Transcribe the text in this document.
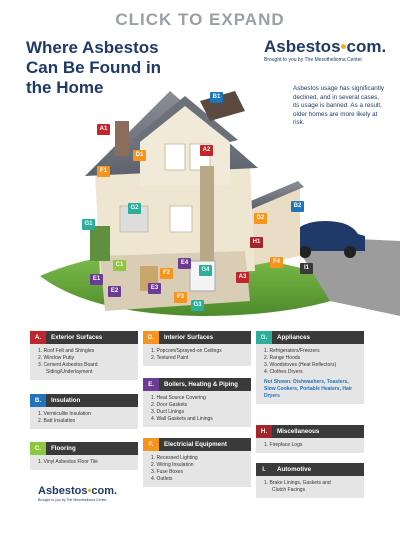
CLICK TO EXPAND
Where Asbestos Can Be Found in the Home
Asbestos•com.
Brought to you by The Mesothelioma Center
Asbestos usage has significantly declined, and in several cases, its usage is banned. As a result, older homes are more likely at risk.
A1
A2
A3
B1
B2
C1
D1
D2
E1
E2	E3
E4
F1
F2
F3
F4
G1
G2
G3
G4
H1
I1
A.	Exterior Surfaces
1. Roof Felt and Shingles
2. Window Putty
3. Cement Asbestos Board
Siding/Underlayment
B.	Insulation
1. Vermiculite Insulation
2. Batt Insulation
C.	Flooring
1. Vinyl Asbestos Floor Tile
D.	Interior Surfaces
1. Popcorn/Sprayed-on Ceilings
2. Textured Paint
E.	Boilers, Heating & Piping
1. Heat Source Covering
2. Door Gaskets
3. Duct Linings
4. Wall Gaskets and Linings
F.	Electricial Equipment
1. Recessed Lighting
2. Wiring Insulation
3. Fuse Boxes
4. Outlets
G.	Appliances
1. Refrigerators/Freezers
2. Range Hoods
3. Woodstoves (Heat Reflectors)
4. Clothes Dryers
Not Shown: Dishwashers, Toasters, Slow Cookers, Portable Heaters, Hair Dryers
H.	Miscellaneous
1. Fireplace Logs
I.	Automotive
1. Brake Linings, Gaskets and
Clutch Facings
Asbestos•com.
Brought to you by The Mesothelioma Center
